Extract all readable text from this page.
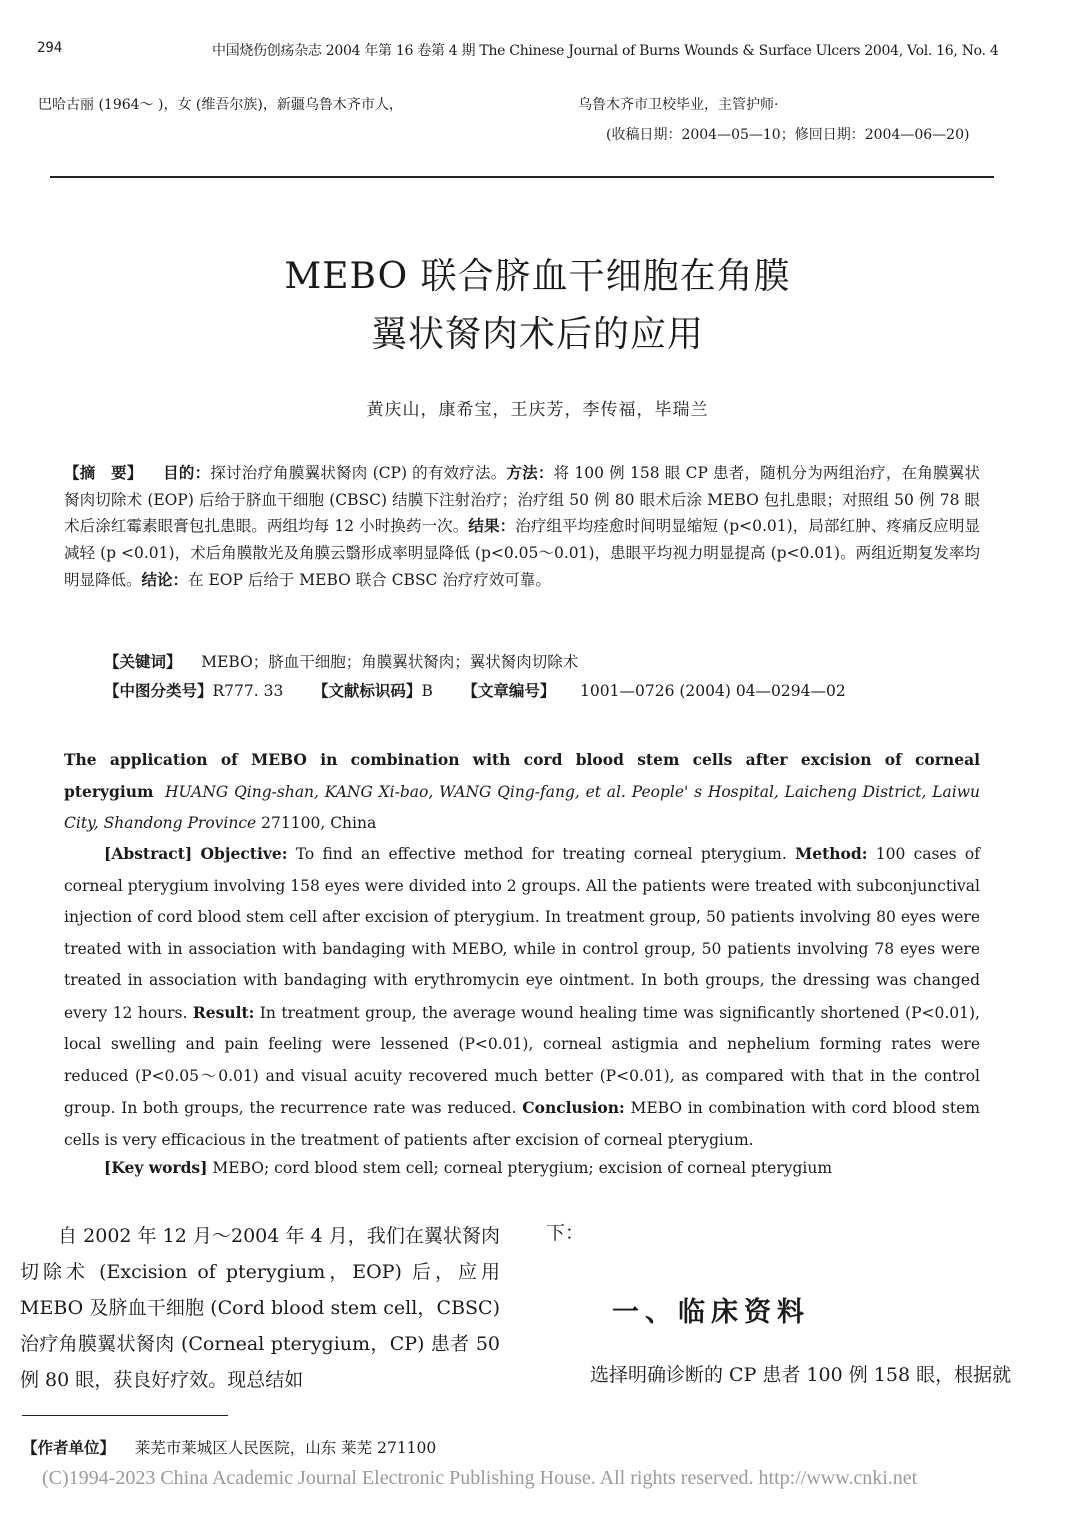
294	中国烧伤创疡杂志 2004 年第 16 卷第 4 期 The Chinese Journal of Burns Wounds & Surface Ulcers 2004, Vol. 16, No. 4
巴哈古丽 (1964～ )，女 (维吾尔族)，新疆乌鲁木齐市人，	乌鲁木齐市卫校毕业，主管护师·
(收稿日期：2004—05—10；修回日期：2004—06—20)
MEBO 联合脐血干细胞在角膜
翼状胬肉术后的应用
黄庆山，康希宝，王庆芳，李传福，毕瑞兰
【摘　要】 目的：探讨治疗角膜翼状胬肉 (CP) 的有效疗法。方法：将 100 例 158 眼 CP 患者，随机分为两组治疗，在角膜翼状胬肉切除术 (EOP) 后给于脐血干细胞 (CBSC) 结膜下注射治疗；治疗组 50 例 80 眼术后涂 MEBO 包扎患眼；对照组 50 例 78 眼术后涂红霉素眼膏包扎患眼。两组均每 12 小时换药一次。结果：治疗组平均痊愈时间明显缩短 (p<0.01)，局部红肿、疼痛反应明显减轻 (p <0.01)，术后角膜散光及角膜云翳形成率明显降低 (p<0.05～0.01)，患眼平均视力明显提高 (p<0.01)。两组近期复发率均明显降低。结论：在 EOP 后给于 MEBO 联合 CBSC 治疗疗效可靠。
【关键词】 MEBO；脐血干细胞；角膜翼状胬肉；翼状胬肉切除术
【中图分类号】R777. 33 【文献标识码】B 【文章编号】 1001—0726 (2004) 04—0294—02
The application of MEBO in combination with cord blood stem cells after excision of corneal pterygium HUANG Qing-shan, KANG Xi-bao, WANG Qing-fang, et al. People' s Hospital, Laicheng District, Laiwu City, Shandong Province 271100, China
[Abstract] Objective: To find an effective method for treating corneal pterygium. Method: 100 cases of corneal pterygium involving 158 eyes were divided into 2 groups. All the patients were treated with subconjunctival injection of cord blood stem cell after excision of pterygium. In treatment group, 50 patients involving 80 eyes were treated with in association with bandaging with MEBO, while in control group, 50 patients involving 78 eyes were treated in association with bandaging with erythromycin eye ointment. In both groups, the dressing was changed every 12 hours. Result: In treatment group, the average wound healing time was significantly shortened (P<0.01), local swelling and pain feeling were lessened (P<0.01), corneal astigmia and nephelium forming rates were reduced (P<0.05～0.01) and visual acuity recovered much better (P<0.01), as compared with that in the control group. In both groups, the recurrence rate was reduced. Conclusion: MEBO in combination with cord blood stem cells is very efficacious in the treatment of patients after excision of corneal pterygium.
[Key words] MEBO; cord blood stem cell; corneal pterygium; excision of corneal pterygium
自 2002 年 12 月～2004 年 4 月，我们在翼状胬肉切除术 (Excision of pterygium，EOP) 后，应用 MEBO 及脐血干细胞 (Cord blood stem cell，CBSC) 治疗角膜翼状胬肉 (Corneal pterygium，CP) 患者 50 例 80 眼，获良好疗效。现总结如
下：
一、临床资料
选择明确诊断的 CP 患者 100 例 158 眼，根据就
【作者单位】 莱芜市莱城区人民医院，山东 莱芜 271100
(C)1994-2023 China Academic Journal Electronic Publishing House. All rights reserved. http://www.cnki.net
